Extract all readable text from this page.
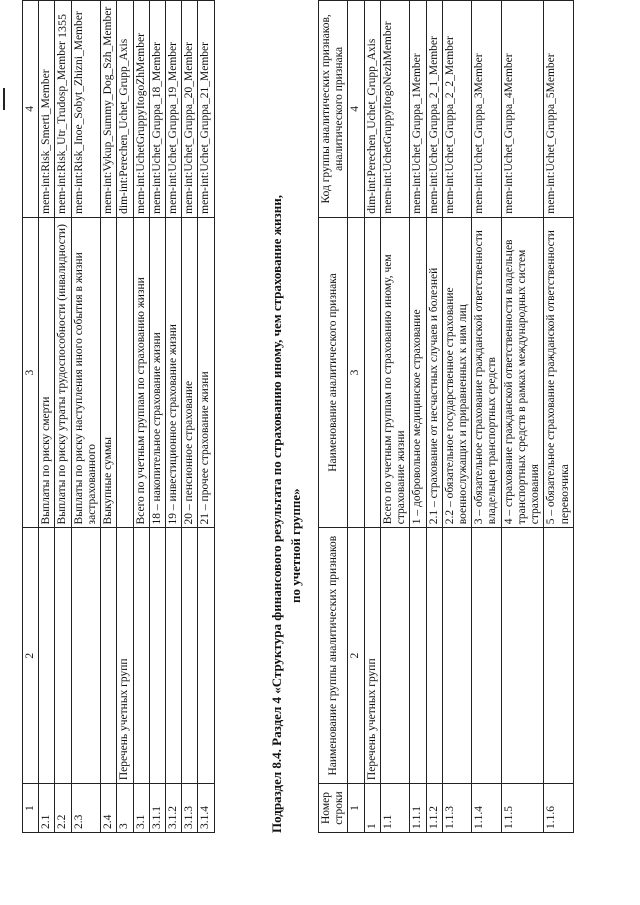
1355
1	2	3	4
2.1		Выплаты по риску смерти	mem-int:Risk_Smerti_Member
2.2		Выплаты по риску утраты трудоспособности (инвалидности)	mem-int:Risk_Utr_Trudosp_Member
2.3		Выплаты по риску наступления иного события в жизни застрахованного	mem-int:Risk_Inoe_Sobyt_Zhizni_Member
2.4		Выкупные суммы	mem-int:Vykup_Summy_Dog_Szh_Member
3	Перечень учетных групп		dim-int:Perechen_Uchet_Grupp_Axis
3.1		Всего по учетным группам по страхованию жизни	mem-int:UchetGruppyItogoZhMember
3.1.1		18 – накопительное страхование жизни	mem-int:Uchet_Gruppa_18_Member
3.1.2		19 – инвестиционное страхование жизни	mem-int:Uchet_Gruppa_19_Member
3.1.3		20 – пенсионное страхование	mem-int:Uchet_Gruppa_20_Member
3.1.4		21 – прочее страхование жизни	mem-int:Uchet_Gruppa_21_Member
Подраздел 8.4. Раздел 4 «Структура финансового результата по страхованию иному, чем страхование жизни, по учетной группе»
Номер строки	Наименование группы аналитических признаков	Наименование аналитического признака	Код группы аналитических признаков, аналитического признака
1	2	3	4
1	Перечень учетных групп		dim-int:Perechen_Uchet_Grupp_Axis
1.1		Всего по учетным группам по страхованию иному, чем страхование жизни	mem-int:UchetGruppyItogoNezhMember
1.1.1		1 – добровольное медицинское страхование	mem-int:Uchet_Gruppa_1Member
1.1.2		2.1 – страхование от несчастных случаев и болезней	mem-int:Uchet_Gruppa_2_1_Member
1.1.3		2.2 – обязательное государственное страхование военнослужащих и приравненных к ним лиц	mem-int:Uchet_Gruppa_2_2_Member
1.1.4		3 – обязательное страхование гражданской ответственности владельцев транспортных средств	mem-int:Uchet_Gruppa_3Member
1.1.5		4 – страхование гражданской ответственности владельцев транспортных средств в рамках международных систем страхования	mem-int:Uchet_Gruppa_4Member
1.1.6		5 – обязательное страхование гражданской ответственности перевозчика	mem-int:Uchet_Gruppa_5Member
